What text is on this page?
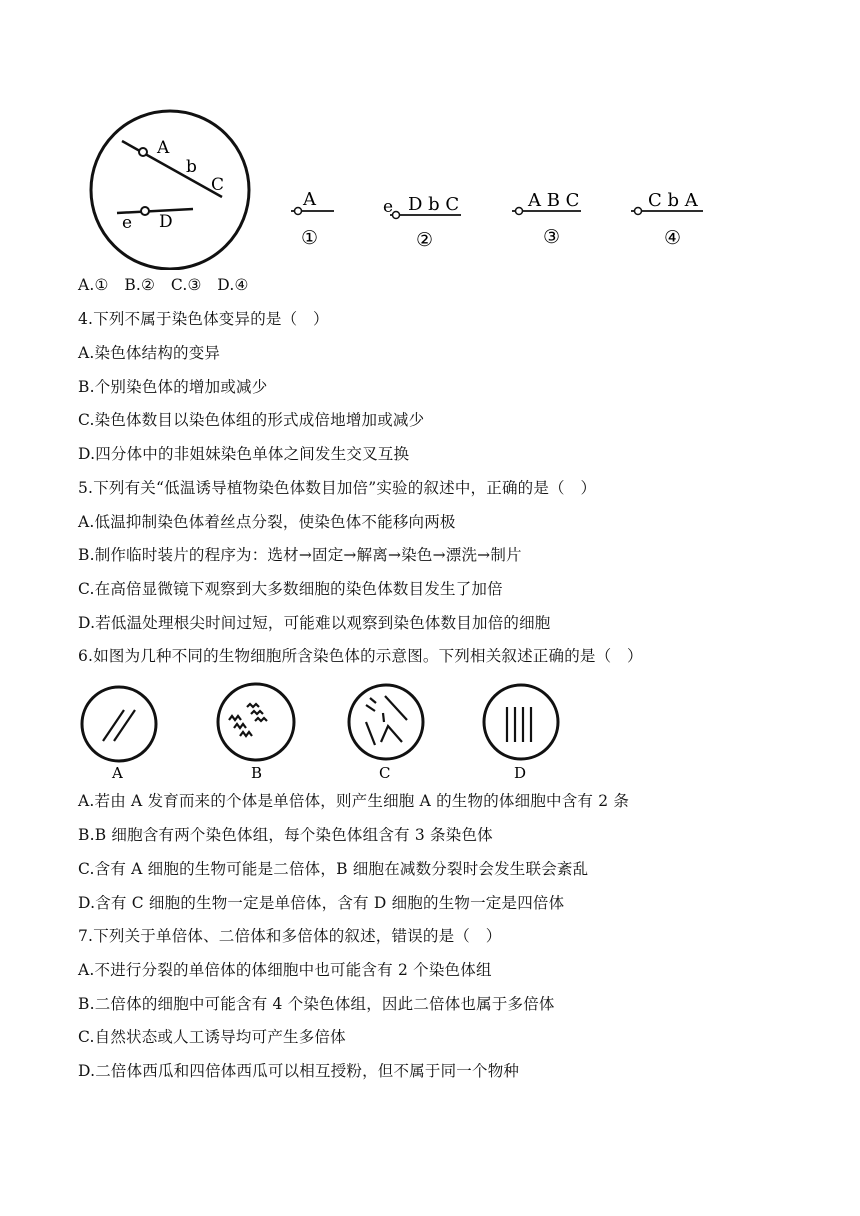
A
b
C
e D
A
①
e D b C
②
A B C
③
C b A
④
A.①　B.②　C.③　D.④
4.下列不属于染色体变异的是（　）
A.染色体结构的变异
B.个别染色体的增加或减少
C.染色体数目以染色体组的形式成倍地增加或减少
D.四分体中的非姐妹染色单体之间发生交叉互换
5.下列有关“低温诱导植物染色体数目加倍”实验的叙述中，正确的是（　）
A.低温抑制染色体着丝点分裂，使染色体不能移向两极
B.制作临时装片的程序为：选材→固定→解离→染色→漂洗→制片
C.在高倍显微镜下观察到大多数细胞的染色体数目发生了加倍
D.若低温处理根尖时间过短，可能难以观察到染色体数目加倍的细胞
6.如图为几种不同的生物细胞所含染色体的示意图。下列相关叙述正确的是（　）
A	B	C	D
A.若由 A 发育而来的个体是单倍体，则产生细胞 A 的生物的体细胞中含有 2 条
B.B 细胞含有两个染色体组，每个染色体组含有 3 条染色体
C.含有 A 细胞的生物可能是二倍体，B 细胞在减数分裂时会发生联会紊乱
D.含有 C 细胞的生物一定是单倍体，含有 D 细胞的生物一定是四倍体
7.下列关于单倍体、二倍体和多倍体的叙述，错误的是（　）
A.不进行分裂的单倍体的体细胞中也可能含有 2 个染色体组
B.二倍体的细胞中可能含有 4 个染色体组，因此二倍体也属于多倍体
C.自然状态或人工诱导均可产生多倍体
D.二倍体西瓜和四倍体西瓜可以相互授粉，但不属于同一个物种
